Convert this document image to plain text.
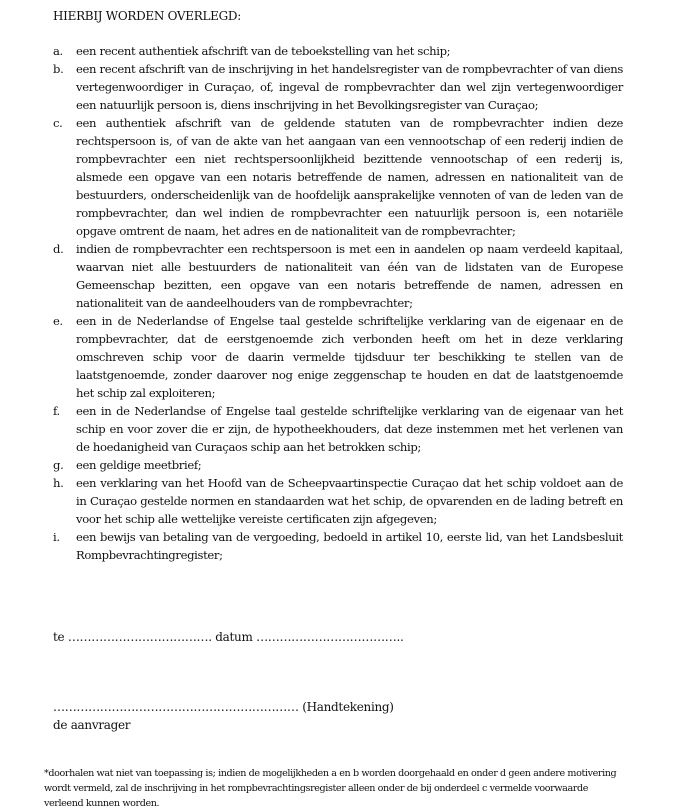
HIERBIJ WORDEN OVERLEGD:
a.	een recent authentiek afschrift van de teboekstelling van het schip;
b.	een recent afschrift van de inschrijving in het handelsregister van de rompbevrachter of van diens vertegenwoordiger in Curaçao, of, ingeval de rompbevrachter dan wel zijn vertegenwoordiger een natuurlijk persoon is, diens inschrijving in het Bevolkingsregister van Curaçao;
c.	een authentiek afschrift van de geldende statuten van de rompbevrachter indien deze rechtspersoon is, of van de akte van het aangaan van een vennootschap of een rederij indien de rompbevrachter een niet rechtspersoonlijkheid bezittende vennootschap of een rederij is, alsmede een opgave van een notaris betreffende de namen, adressen en nationaliteit van de bestuurders, onderscheidenlijk van de hoofdelijk aansprakelijke vennoten of van de leden van de rompbevrachter, dan wel indien de rompbevrachter een natuurlijk persoon is, een notariële opgave omtrent de naam, het adres en de nationaliteit van de rompbevrachter;
d.	indien de rompbevrachter een rechtspersoon is met een in aandelen op naam verdeeld kapitaal, waarvan niet alle bestuurders de nationaliteit van één van de lidstaten van de Europese Gemeenschap bezitten, een opgave van een notaris betreffende de namen, adressen en nationaliteit van de aandeelhouders van de rompbevrachter;
e.	een in de Nederlandse of Engelse taal gestelde schriftelijke verklaring van de eigenaar en de rompbevrachter, dat de eerstgenoemde zich verbonden heeft om het in deze verklaring omschreven schip voor de daarin vermelde tijdsduur ter beschikking te stellen van de laatstgenoemde, zonder daarover nog enige zeggenschap te houden en dat de laatstgenoemde het schip zal exploiteren;
f.	een in de Nederlandse of Engelse taal gestelde schriftelijke verklaring van de eigenaar van het schip en voor zover die er zijn, de hypotheekhouders, dat deze instemmen met het verlenen van de hoedanigheid van Curaçaos schip aan het betrokken schip;
g.	een geldige meetbrief;
h.	een verklaring van het Hoofd van de Scheepvaartinspectie Curaçao dat het schip voldoet aan de in Curaçao gestelde normen en standaarden wat het schip, de opvarenden en de lading betreft en voor het schip alle wettelijke vereiste certificaten zijn afgegeven;
i.	een bewijs van betaling van de vergoeding, bedoeld in artikel 10, eerste lid, van het Landsbesluit Rompbevrachtingregister;
te ………………………………. datum ………………………………..
……………………………………………………… (Handtekening)
de aanvrager
*doorhalen wat niet van toepassing is; indien de mogelijkheden a en b worden doorgehaald en onder d geen andere motivering wordt vermeld, zal de inschrijving in het rompbevrachtingsregister alleen onder de bij onderdeel c vermelde voorwaarde verleend kunnen worden.
